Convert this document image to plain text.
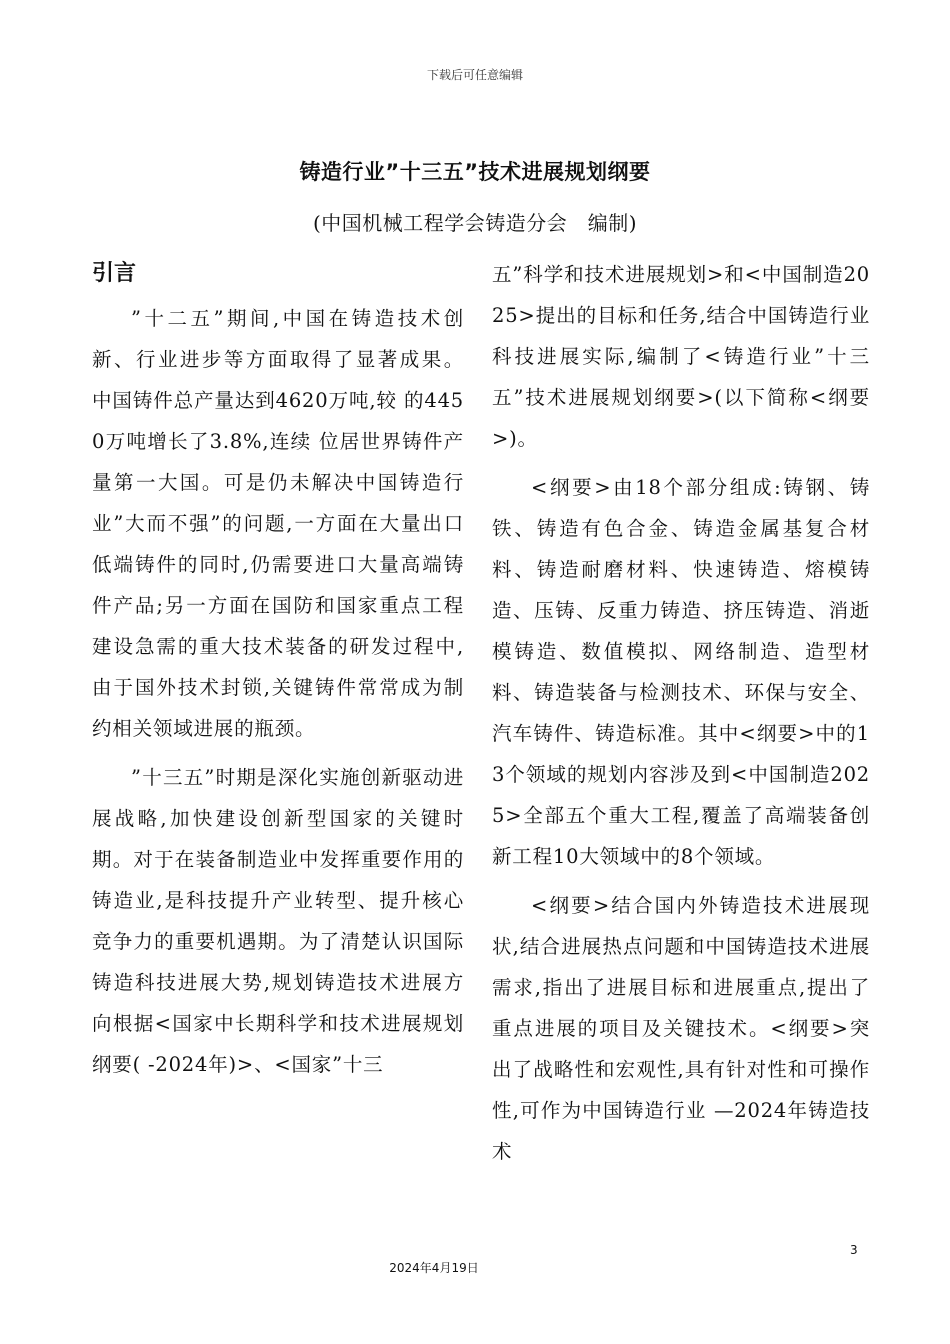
下载后可任意编辑
铸造行业”十三五”技术进展规划纲要
(中国机械工程学会铸造分会　编制)
引言

”十二五”期间,中国在铸造技术创新、行业进步等方面取得了显著成果。 中国铸件总产量达到4620万吨,较 的4450万吨增长了3.8%,连续 位居世界铸件产量第一大国。可是仍未解决中国铸造行业”大而不强”的问题,一方面在大量出口低端铸件的同时,仍需要进口大量高端铸件产品;另一方面在国防和国家重点工程建设急需的重大技术装备的研发过程中,由于国外技术封锁,关键铸件常常成为制约相关领域进展的瓶颈。

”十三五”时期是深化实施创新驱动进展战略,加快建设创新型国家的关键时期。对于在装备制造业中发挥重要作用的铸造业,是科技提升产业转型、提升核心竞争力的重要机遇期。为了清楚认识国际铸造科技进展大势,规划铸造技术进展方向根据<国家中长期科学和技术进展规划纲要( -2024年)>、<国家”十三

五”科学和技术进展规划>和<中国制造2025>提出的目标和任务,结合中国铸造行业科技进展实际,编制了<铸造行业”十三五”技术进展规划纲要>(以下简称<纲要>)。

<纲要>由18个部分组成:铸钢、铸铁、铸造有色合金、铸造金属基复合材料、铸造耐磨材料、快速铸造、熔模铸造、压铸、反重力铸造、挤压铸造、消逝模铸造、数值模拟、网络制造、造型材料、铸造装备与检测技术、环保与安全、汽车铸件、铸造标准。其中<纲要>中的13个领域的规划内容涉及到<中国制造2025>全部五个重大工程,覆盖了高端装备创新工程10大领域中的8个领域。

<纲要>结合国内外铸造技术进展现状,结合进展热点问题和中国铸造技术进展需求,指出了进展目标和进展重点,提出了重点进展的项目及关键技术。<纲要>突出了战略性和宏观性,具有针对性和可操作性,可作为中国铸造行业 —2024年铸造技术

3
2024年4月19日
